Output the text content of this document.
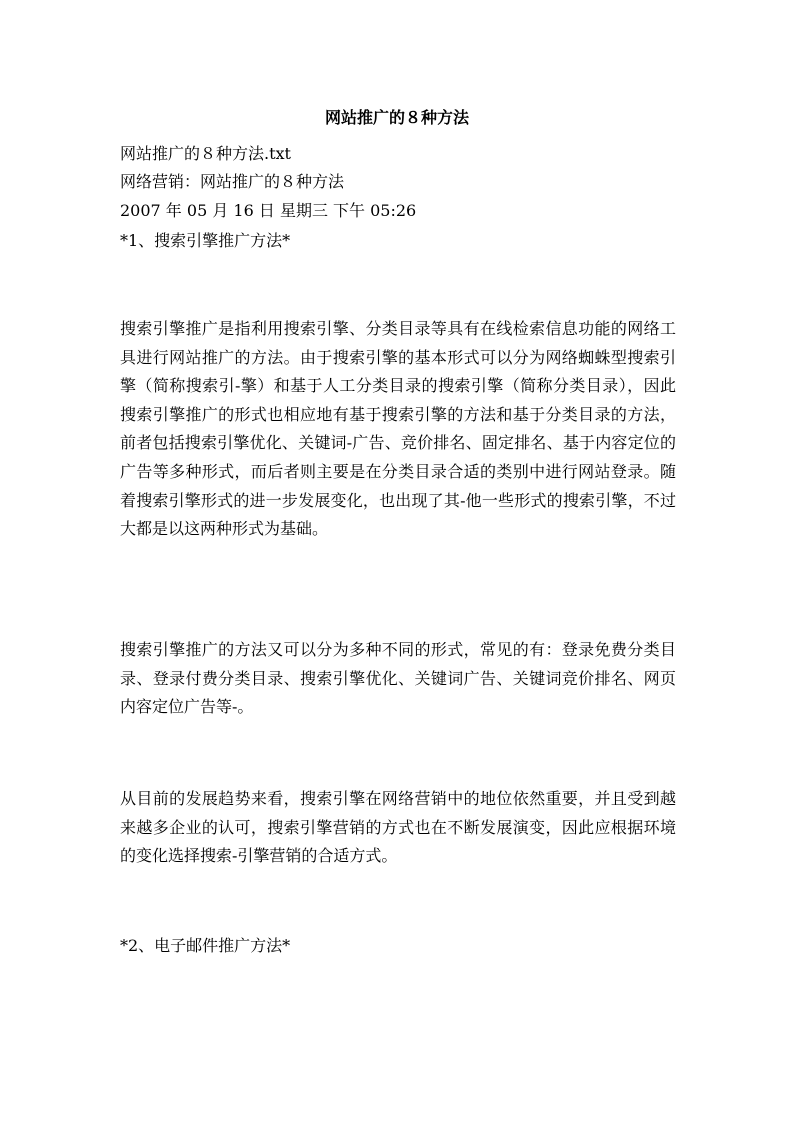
网站推广的８种方法
网站推广的８种方法.txt
网络营销：网站推广的８种方法
2007 年 05 月 16 日 星期三 下午 05:26
*1、搜索引擎推广方法*

搜索引擎推广是指利用搜索引擎、分类目录等具有在线检索信息功能的网络工具进行网站推广的方法。由于搜索引擎的基本形式可以分为网络蜘蛛型搜索引擎（简称搜索引-擎）和基于人工分类目录的搜索引擎（简称分类目录），因此搜索引擎推广的形式也相应地有基于搜索引擎的方法和基于分类目录的方法，前者包括搜索引擎优化、关键词-广告、竞价排名、固定排名、基于内容定位的广告等多种形式，而后者则主要是在分类目录合适的类别中进行网站登录。随着搜索引擎形式的进一步发展变化，也出现了其-他一些形式的搜索引擎，不过大都是以这两种形式为基础。

搜索引擎推广的方法又可以分为多种不同的形式，常见的有：登录免费分类目录、登录付费分类目录、搜索引擎优化、关键词广告、关键词竞价排名、网页内容定位广告等-。

从目前的发展趋势来看，搜索引擎在网络营销中的地位依然重要，并且受到越来越多企业的认可，搜索引擎营销的方式也在不断发展演变，因此应根据环境的变化选择搜索-引擎营销的合适方式。

*2、电子邮件推广方法*
